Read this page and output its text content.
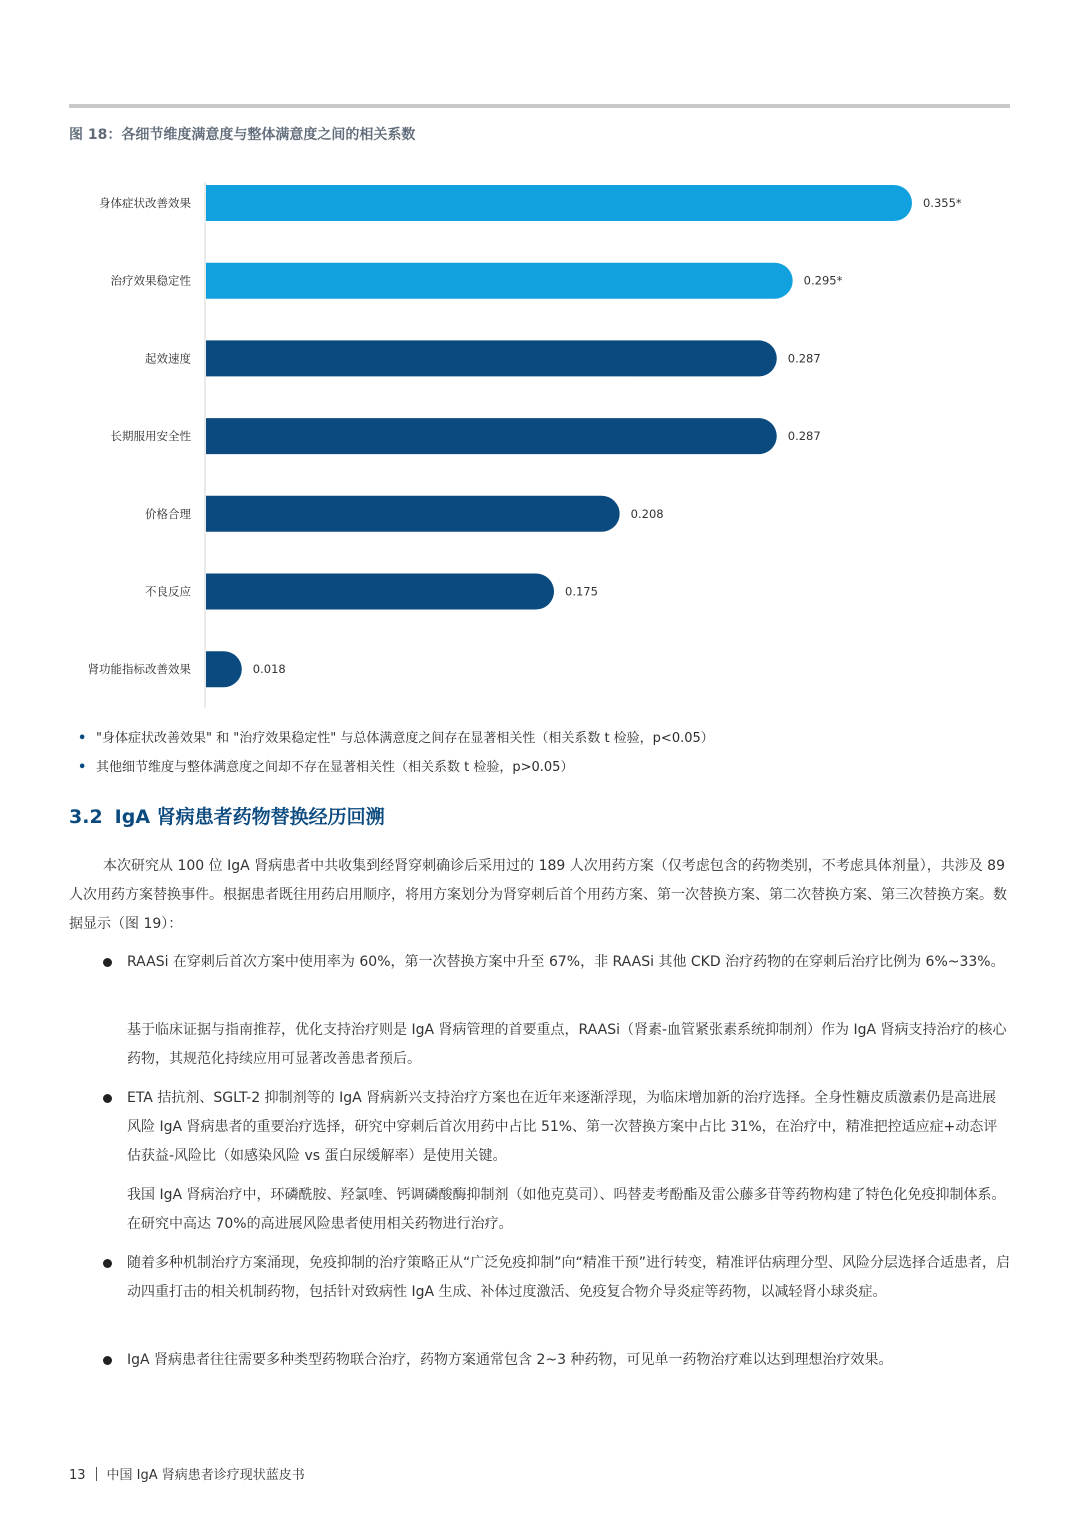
图 18：各细节维度满意度与整体满意度之间的相关系数
身体症状改善效果	0.355*
治疗效果稳定性	0.295*
起效速度	0.287
长期服用安全性	0.287
价格合理	0.208
不良反应	0.175
肾功能指标改善效果	0.018
• "身体症状改善效果" 和 "治疗效果稳定性" 与总体满意度之间存在显著相关性（相关系数 t 检验，p<0.05）
• 其他细节维度与整体满意度之间却不存在显著相关性（相关系数 t 检验，p>0.05）
3.2 IgA 肾病患者药物替换经历回溯
本次研究从 100 位 IgA 肾病患者中共收集到经肾穿刺确诊后采用过的 189 人次用药方案（仅考虑包含的药物类别，不考虑具体剂量），共涉及 89 人次用药方案替换事件。根据患者既往用药启用顺序，将用方案划分为肾穿刺后首个用药方案、第一次替换方案、第二次替换方案、第三次替换方案。数据显示（图 19）：
RAASi 在穿刺后首次方案中使用率为 60%，第一次替换方案中升至 67%，非 RAASi 其他 CKD 治疗药物的在穿刺后治疗比例为 6%~33%。
基于临床证据与指南推荐，优化支持治疗则是 IgA 肾病管理的首要重点，RAASi（肾素-血管紧张素系统抑制剂）作为 IgA 肾病支持治疗的核心药物，其规范化持续应用可显著改善患者预后。
ETA 拮抗剂、SGLT-2 抑制剂等的 IgA 肾病新兴支持治疗方案也在近年来逐渐浮现，为临床增加新的治疗选择。全身性糖皮质激素仍是高进展风险 IgA 肾病患者的重要治疗选择，研究中穿刺后首次用药中占比 51%、第一次替换方案中占比 31%，在治疗中，精准把控适应症+动态评估获益-风险比（如感染风险 vs 蛋白尿缓解率）是使用关键。
我国 IgA 肾病治疗中，环磷酰胺、羟氯喹、钙调磷酸酶抑制剂（如他克莫司）、吗替麦考酚酯及雷公藤多苷等药物构建了特色化免疫抑制体系。在研究中高达 70%的高进展风险患者使用相关药物进行治疗。
随着多种机制治疗方案涌现，免疫抑制的治疗策略正从“广泛免疫抑制”向“精准干预”进行转变，精准评估病理分型、风险分层选择合适患者，启动四重打击的相关机制药物，包括针对致病性 IgA 生成、补体过度激活、免疫复合物介导炎症等药物，以减轻肾小球炎症。
IgA 肾病患者往往需要多种类型药物联合治疗，药物方案通常包含 2~3 种药物，可见单一药物治疗难以达到理想治疗效果。
13 中国 IgA 肾病患者诊疗现状蓝皮书
